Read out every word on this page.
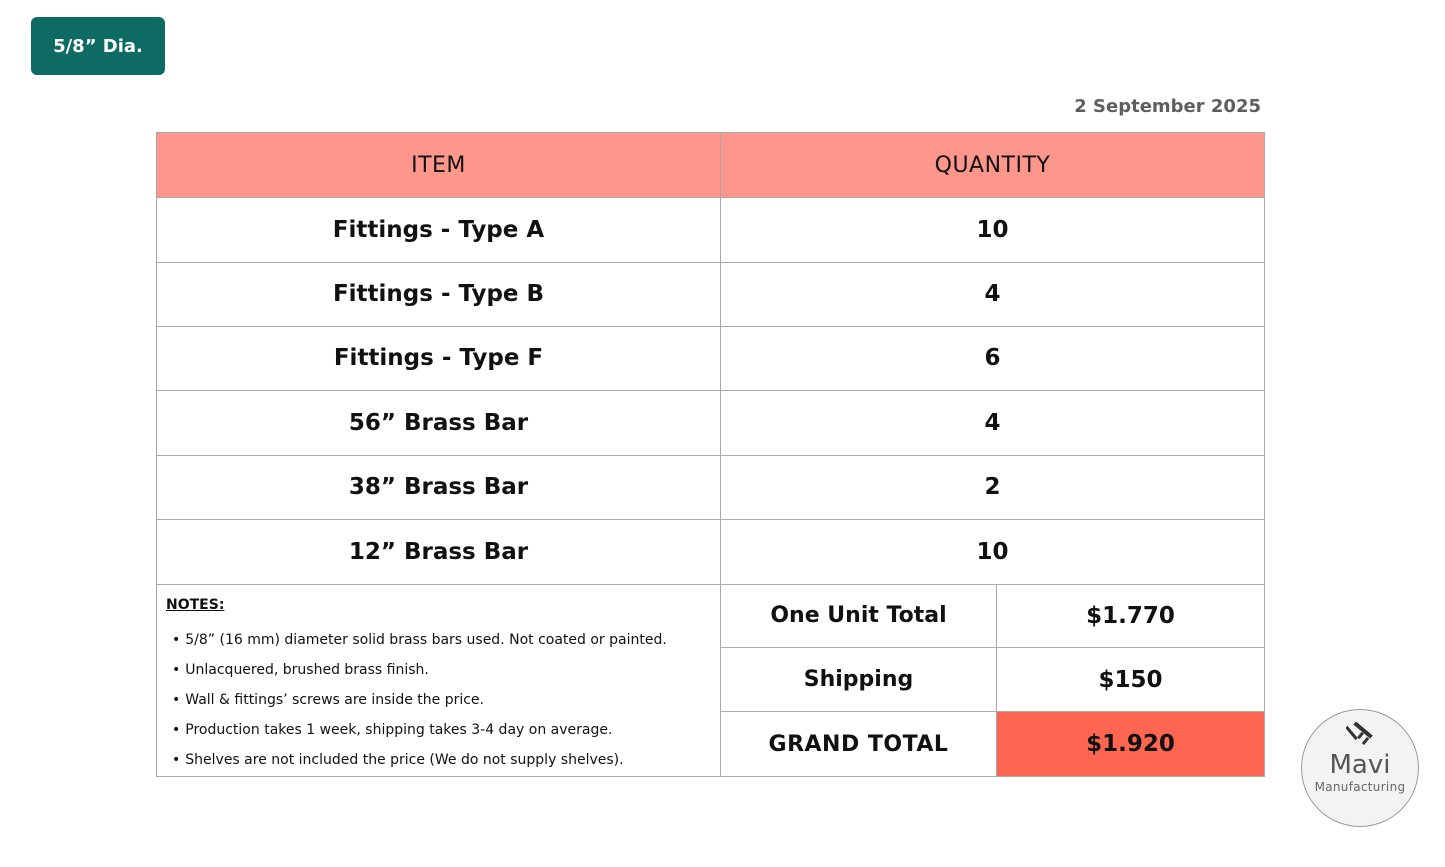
5/8” Dia.
2 September 2025
ITEM	QUANTITY
Fittings - Type A	10
Fittings - Type B	4
Fittings - Type F	6
56” Brass Bar	4
38” Brass Bar	2
12” Brass Bar	10
NOTES:
• 5/8” (16 mm) diameter solid brass bars used. Not coated or painted.
• Unlacquered, brushed brass finish.
• Wall & fittings’ screws are inside the price.
• Production takes 1 week, shipping takes 3-4 day on average.
• Shelves are not included the price (We do not supply shelves).
One Unit Total	$1.770
Shipping	$150
GRAND TOTAL	$1.920
Mavi
Manufacturing
